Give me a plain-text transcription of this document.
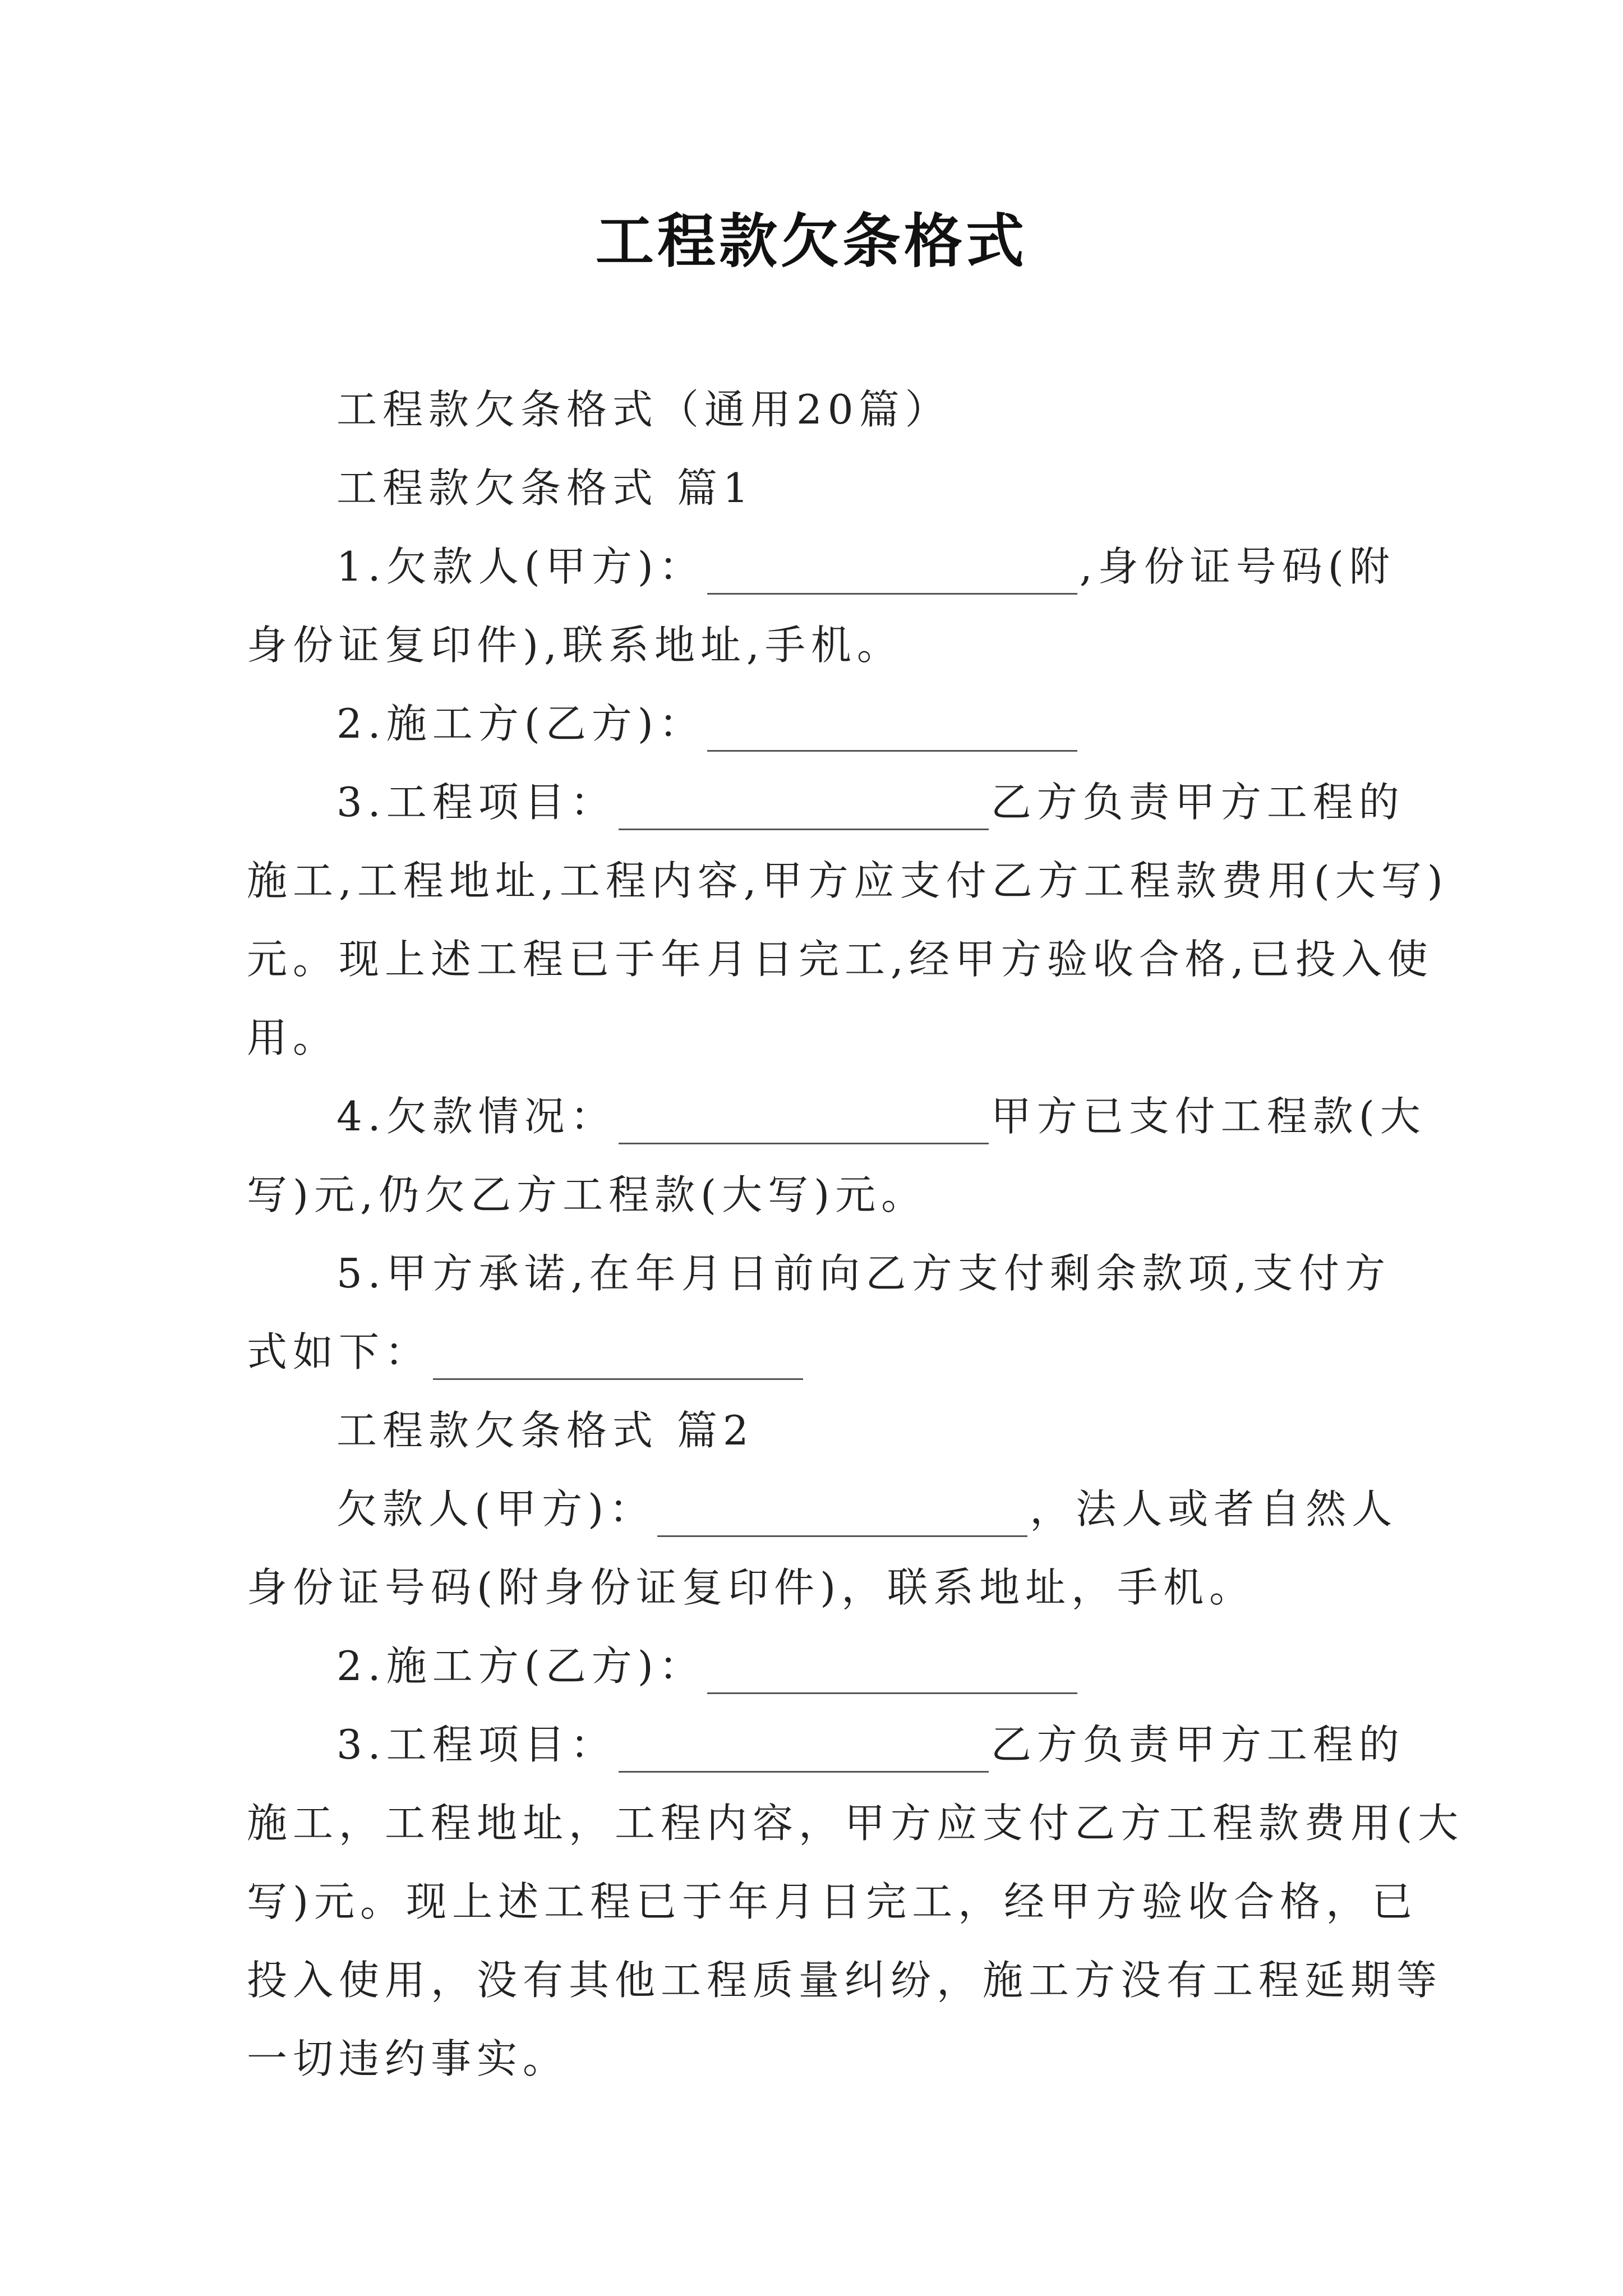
工程款欠条格式
工程款欠条格式（通用20篇）
工程款欠条格式 篇1
1.欠款人(甲方)：	,身份证号码(附
身份证复印件),联系地址,手机。
2.施工方(乙方)：
3.工程项目：	乙方负责甲方工程的
施工,工程地址,工程内容,甲方应支付乙方工程款费用(大写)
元。现上述工程已于年月日完工,经甲方验收合格,已投入使
用。
4.欠款情况：	甲方已支付工程款(大
写)元,仍欠乙方工程款(大写)元。
5.甲方承诺,在年月日前向乙方支付剩余款项,支付方
式如下：
工程款欠条格式 篇2
欠款人(甲方)：	，法人或者自然人
身份证号码(附身份证复印件)，联系地址，手机。
2.施工方(乙方)：
3.工程项目：	乙方负责甲方工程的
施工，工程地址，工程内容，甲方应支付乙方工程款费用(大
写)元。现上述工程已于年月日完工，经甲方验收合格，已
投入使用，没有其他工程质量纠纷，施工方没有工程延期等
一切违约事实。
